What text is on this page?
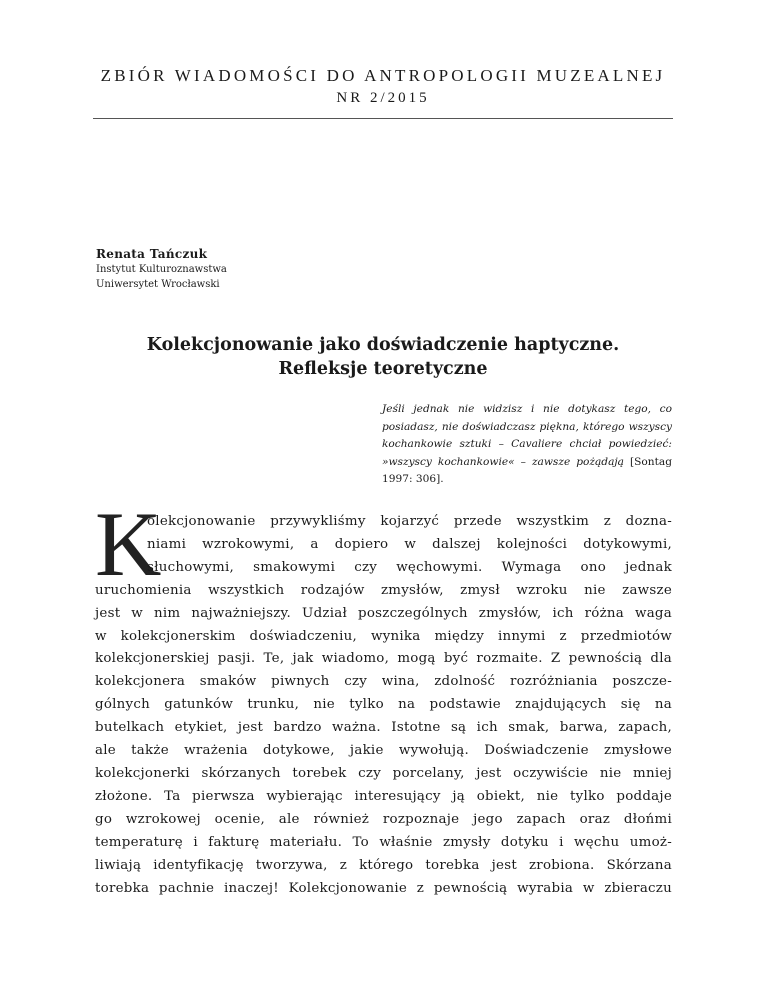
ZBIÓR WIADOMOŚCI DO ANTROPOLOGII MUZEALNEJ
NR 2/2015
Renata Tańczuk
Instytut Kulturoznawstwa
Uniwersytet Wrocławski
Kolekcjonowanie jako doświadczenie haptyczne.
Refleksje teoretyczne
Jeśli jednak nie widzisz i nie dotykasz tego, co posiadasz, nie doświadczasz piękna, którego wszyscy kochankowie sztuki – Cavaliere chciał powiedzieć: »wszyscy kochankowie« – zawsze pożądają [Sontag 1997: 306].
K
olekcjonowanie przywykliśmy kojarzyć przede wszystkim z dozna-
niami wzrokowymi, a dopiero w dalszej kolejności dotykowymi,
słuchowymi, smakowymi czy węchowymi. Wymaga ono jednak
uruchomienia wszystkich rodzajów zmysłów, zmysł wzroku nie zawsze
jest w nim najważniejszy. Udział poszczególnych zmysłów, ich różna waga
w kolekcjonerskim doświadczeniu, wynika między innymi z przedmiotów
kolekcjonerskiej pasji. Te, jak wiadomo, mogą być rozmaite. Z pewnością dla
kolekcjonera smaków piwnych czy wina, zdolność rozróżniania poszcze-
gólnych gatunków trunku, nie tylko na podstawie znajdujących się na
butelkach etykiet, jest bardzo ważna. Istotne są ich smak, barwa, zapach,
ale także wrażenia dotykowe, jakie wywołują. Doświadczenie zmysłowe
kolekcjonerki skórzanych torebek czy porcelany, jest oczywiście nie mniej
złożone. Ta pierwsza wybierając interesujący ją obiekt, nie tylko poddaje
go wzrokowej ocenie, ale również rozpoznaje jego zapach oraz dłońmi
temperaturę i fakturę materiału. To właśnie zmysły dotyku i węchu umoż-
liwiają identyfikację tworzywa, z którego torebka jest zrobiona. Skórzana
torebka pachnie inaczej! Kolekcjonowanie z pewnością wyrabia w zbieraczu
